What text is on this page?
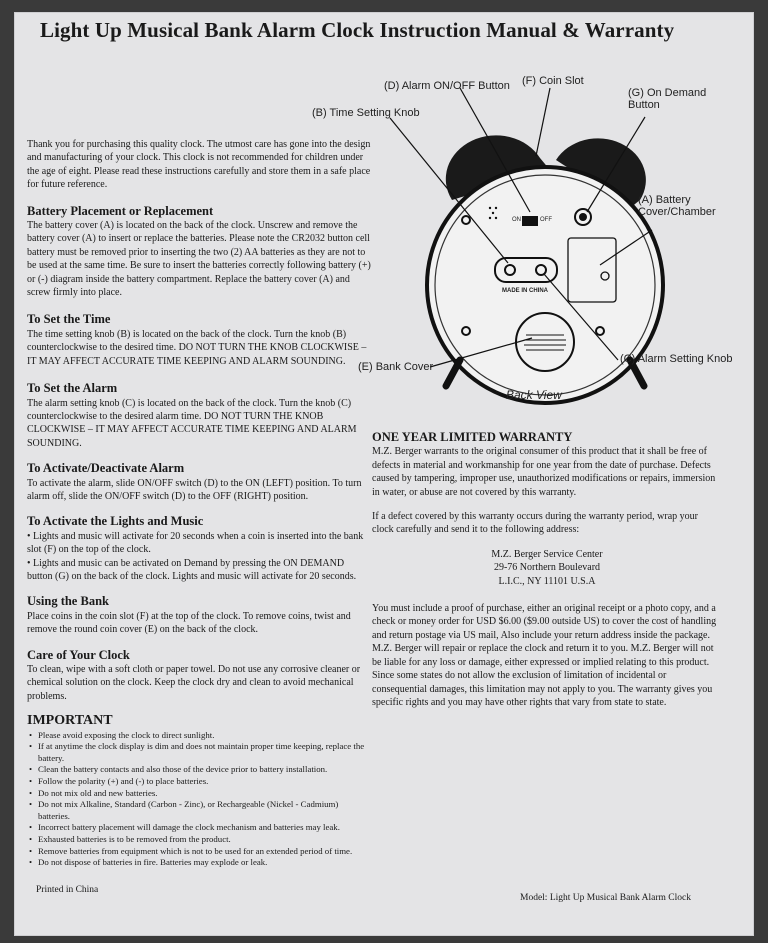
Light Up Musical Bank Alarm Clock Instruction Manual & Warranty

Thank you for purchasing this quality clock. The utmost care has gone into the design and manufacturing of your clock. This clock is not recommended for children under the age of eight. Please read these instructions carefully and store them in a safe place for future reference.

Battery Placement or Replacement

The battery cover (A) is located on the back of the clock. Unscrew and remove the battery cover (A) to insert or replace the batteries. Please note the CR2032 button cell battery must be removed prior to inserting the two (2) AA batteries as they are not to be used at the same time. Be sure to insert the batteries correctly following battery (+) or (-) diagram inside the battery compartment. Replace the battery cover (A) and screw firmly into place.

To Set the Time

The time setting knob (B) is located on the back of the clock. Turn the knob (B) counterclockwise to the desired time. DO NOT TURN THE KNOB CLOCKWISE – IT MAY AFFECT ACCURATE TIME KEEPING AND ALARM SOUNDING.

To Set the Alarm

The alarm setting knob (C) is located on the back of the clock. Turn the knob (C) counterclockwise to the desired alarm time. DO NOT TURN THE KNOB CLOCKWISE – IT MAY AFFECT ACCURATE TIME KEEPING AND ALARM SOUNDING.

To Activate/Deactivate Alarm

To activate the alarm, slide ON/OFF switch (D) to the ON (LEFT) position. To turn alarm off, slide the ON/OFF switch (D) to the OFF (RIGHT) position.

To Activate the Lights and Music

• Lights and music will activate for 20 seconds when a coin is inserted into the bank slot (F) on the top of the clock.
• Lights and music can be activated on Demand by pressing the ON DEMAND button (G) on the back of the clock. Lights and music will activate for 20 seconds.

Using the Bank

Place coins in the coin slot (F) at the top of the clock. To remove coins, twist and remove the round coin cover (E) on the back of the clock.

Care of Your Clock

To clean, wipe with a soft cloth or paper towel. Do not use any corrosive cleaner or chemical solution on the clock. Keep the clock dry and clean to avoid mechanical problems.

IMPORTANT

• Please avoid exposing the clock to direct sunlight.
• If at anytime the clock display is dim and does not maintain proper time keeping, replace the battery.
• Clean the battery contacts and also those of the device prior to battery installation.
• Follow the polarity (+) and (-) to place batteries.
• Do not mix old and new batteries.
• Do not mix Alkaline, Standard (Carbon - Zinc), or Rechargeable (Nickel - Cadmium) batteries.
• Incorrect battery placement will damage the clock mechanism and batteries may leak.
• Exhausted batteries is to be removed from the product.
• Remove batteries from equipment which is not to be used for an extended period of time.
• Do not dispose of batteries in fire. Batteries may explode or leak.
Printed in China
(D) Alarm ON/OFF Button (F) Coin Slot
(G) On Demand Button
(B) Time Setting Knob
(A) Battery Cover/Chamber
(E) Bank Cover
(C) Alarm Setting Knob
ON	OFF
MADE IN CHINA
Back View

ONE YEAR LIMITED WARRANTY

M.Z. Berger warrants to the original consumer of this product that it shall be free of defects in material and workmanship for one year from the date of purchase. Defects caused by tampering, improper use, unauthorized modifications or repairs, immersion in water, or abuse are not covered by this warranty.

If a defect covered by this warranty occurs during the warranty period, wrap your clock carefully and send it to the following address:

M.Z. Berger Service Center
29-76 Northern Boulevard
L.I.C., NY 11101 U.S.A

You must include a proof of purchase, either an original receipt or a photo copy, and a check or money order for USD $6.00 ($9.00 outside US) to cover the cost of handling and return postage via US mail, Also include your return address inside the package. M.Z. Berger will repair or replace the clock and return it to you. M.Z. Berger will not be liable for any loss or damage, either expressed or implied relating to this product. Since some states do not allow the exclusion of limitation of incidental or consequential damages, this limitation may not apply to you. The warranty gives you specific rights and you may have other rights that vary from state to state.

Model: Light Up Musical Bank Alarm Clock
